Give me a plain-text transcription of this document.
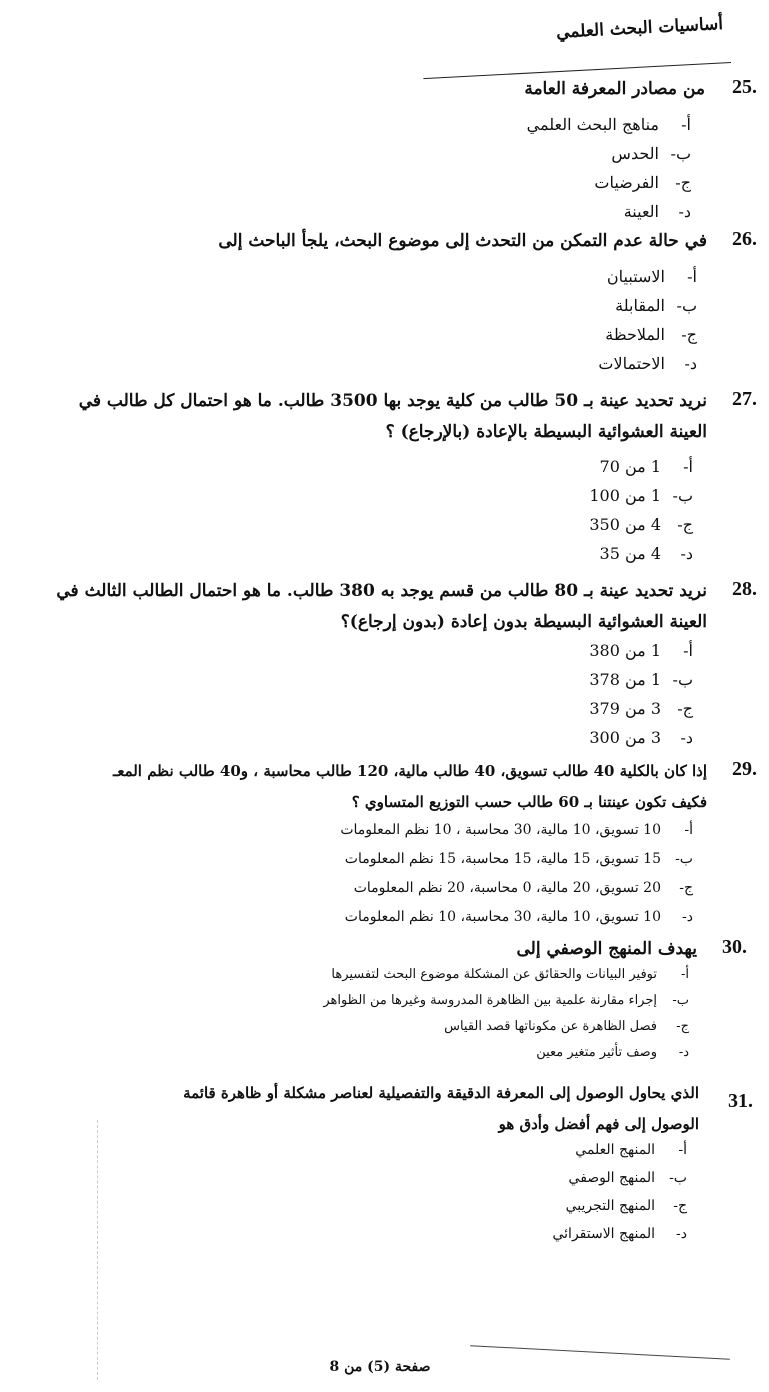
أساسيات البحث العلمي
25.
من مصادر المعرفة العامة
أ-مناهج البحث العلمي
ب-الحدس
ج-الفرضيات
د-العينة
26.
في حالة عدم التمكن من التحدث إلى موضوع البحث، يلجأ الباحث إلى
أ-الاستبيان
ب-المقابلة
ج-الملاحظة
د-الاحتمالات
27.
نريد تحديد عينة بـ 50 طالب من كلية يوجد بها 3500 طالب. ما هو احتمال كل طالب في
العينة العشوائية البسيطة بالإعادة (بالإرجاع) ؟
أ-1 من 70
ب-1 من 100
ج-4 من 350
د-4 من 35
28.
نريد تحديد عينة بـ 80 طالب من قسم يوجد به 380 طالب. ما هو احتمال الطالب الثالث في
العينة العشوائية البسيطة بدون إعادة (بدون إرجاع)؟
أ-1 من 380
ب-1 من 378
ج-3 من 379
د-3 من 300
29.
إذا كان بالكلية 40 طالب تسويق، 40 طالب مالية، 120 طالب محاسبة ، و40 طالب نظم المعـ
فكيف تكون عينتنا بـ 60 طالب حسب التوزيع المتساوي ؟
أ-10 تسويق، 10 مالية، 30 محاسبة ، 10 نظم المعلومات
ب-15 تسويق، 15 مالية، 15 محاسبة، 15 نظم المعلومات
ج-20 تسويق، 20 مالية، 0 محاسبة، 20 نظم المعلومات
د-10 تسويق، 10 مالية، 30 محاسبة، 10 نظم المعلومات
30.
يهدف المنهج الوصفي إلى
أ-توفير البيانات والحقائق عن المشكلة موضوع البحث لتفسيرها
ب-إجراء مقارنة علمية بين الظاهرة المدروسة وغيرها من الظواهر
ج-فصل الظاهرة عن مكوناتها قصد القياس
د-وصف تأثير متغير معين
31.
الذي يحاول الوصول إلى المعرفة الدقيقة والتفصيلية لعناصر مشكلة أو ظاهرة قائمة
الوصول إلى فهم أفضل وأدق هو
أ-المنهج العلمي
ب-المنهج الوصفي
ج-المنهج التجريبي
د-المنهج الاستقرائي
صفحة (5) من 8
